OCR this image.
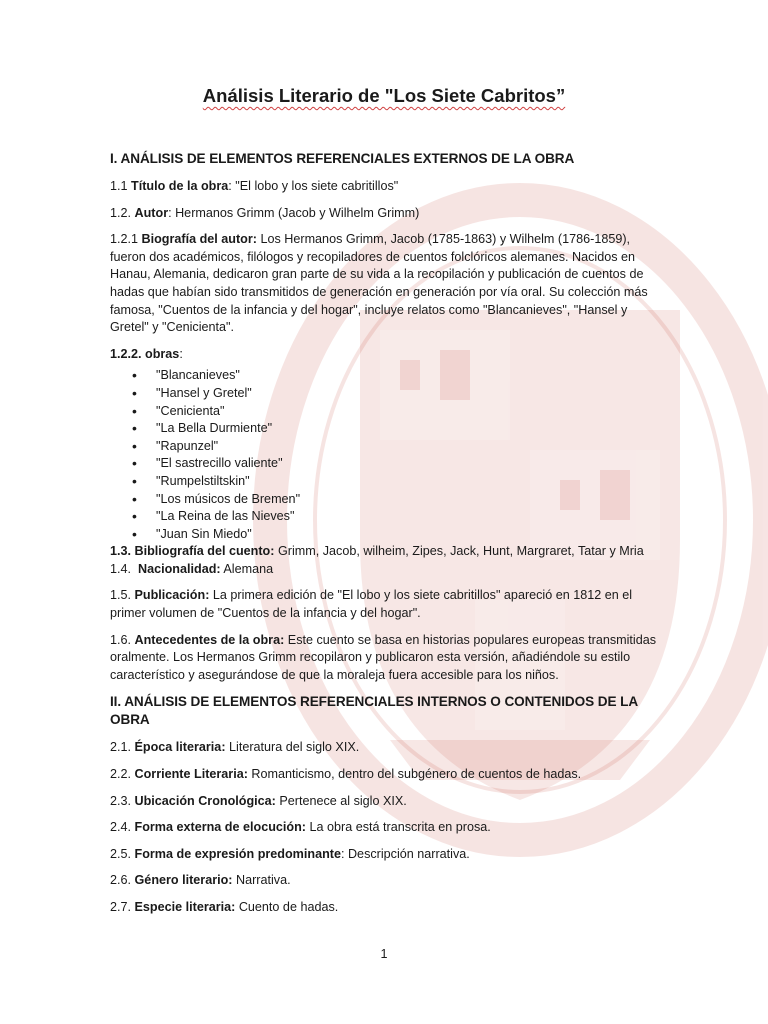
Análisis Literario de "Los Siete Cabritos”
I. ANÁLISIS DE ELEMENTOS REFERENCIALES EXTERNOS DE LA OBRA

1.1 Título de la obra: "El lobo y los siete cabritillos"

1.2. Autor: Hermanos Grimm (Jacob y Wilhelm Grimm)

1.2.1 Biografía del autor: Los Hermanos Grimm, Jacob (1785-1863) y Wilhelm (1786-1859), fueron dos académicos, filólogos y recopiladores de cuentos folclóricos alemanes. Nacidos en Hanau, Alemania, dedicaron gran parte de su vida a la recopilación y publicación de cuentos de hadas que habían sido transmitidos de generación en generación por vía oral. Su colección más famosa, "Cuentos de la infancia y del hogar", incluye relatos como "Blancanieves", "Hansel y Gretel" y "Cenicienta".

1.2.2. obras:

• "Blancanieves"
• "Hansel y Gretel"
• "Cenicienta"
• "La Bella Durmiente"
• "Rapunzel"
• "El sastrecillo valiente"
• "Rumpelstiltskin"
• "Los músicos de Bremen"
• "La Reina de las Nieves"
• "Juan Sin Miedo"

1.3. Bibliografía del cuento: Grimm, Jacob, wilheim, Zipes, Jack, Hunt, Margraret, Tatar y Mria

1.4.  Nacionalidad: Alemana

1.5. Publicación: La primera edición de "El lobo y los siete cabritillos" apareció en 1812 en el primer volumen de "Cuentos de la infancia y del hogar".

1.6. Antecedentes de la obra: Este cuento se basa en historias populares europeas transmitidas oralmente. Los Hermanos Grimm recopilaron y publicaron esta versión, añadiéndole su estilo característico y asegurándose de que la moraleja fuera accesible para los niños.

II. ANÁLISIS DE ELEMENTOS REFERENCIALES INTERNOS O CONTENIDOS DE LA OBRA

2.1. Época literaria: Literatura del siglo XIX.

2.2. Corriente Literaria: Romanticismo, dentro del subgénero de cuentos de hadas.

2.3. Ubicación Cronológica: Pertenece al siglo XIX.

2.4. Forma externa de elocución: La obra está transcrita en prosa.

2.5. Forma de expresión predominante: Descripción narrativa.

2.6. Género literario: Narrativa.

2.7. Especie literaria: Cuento de hadas.

1
